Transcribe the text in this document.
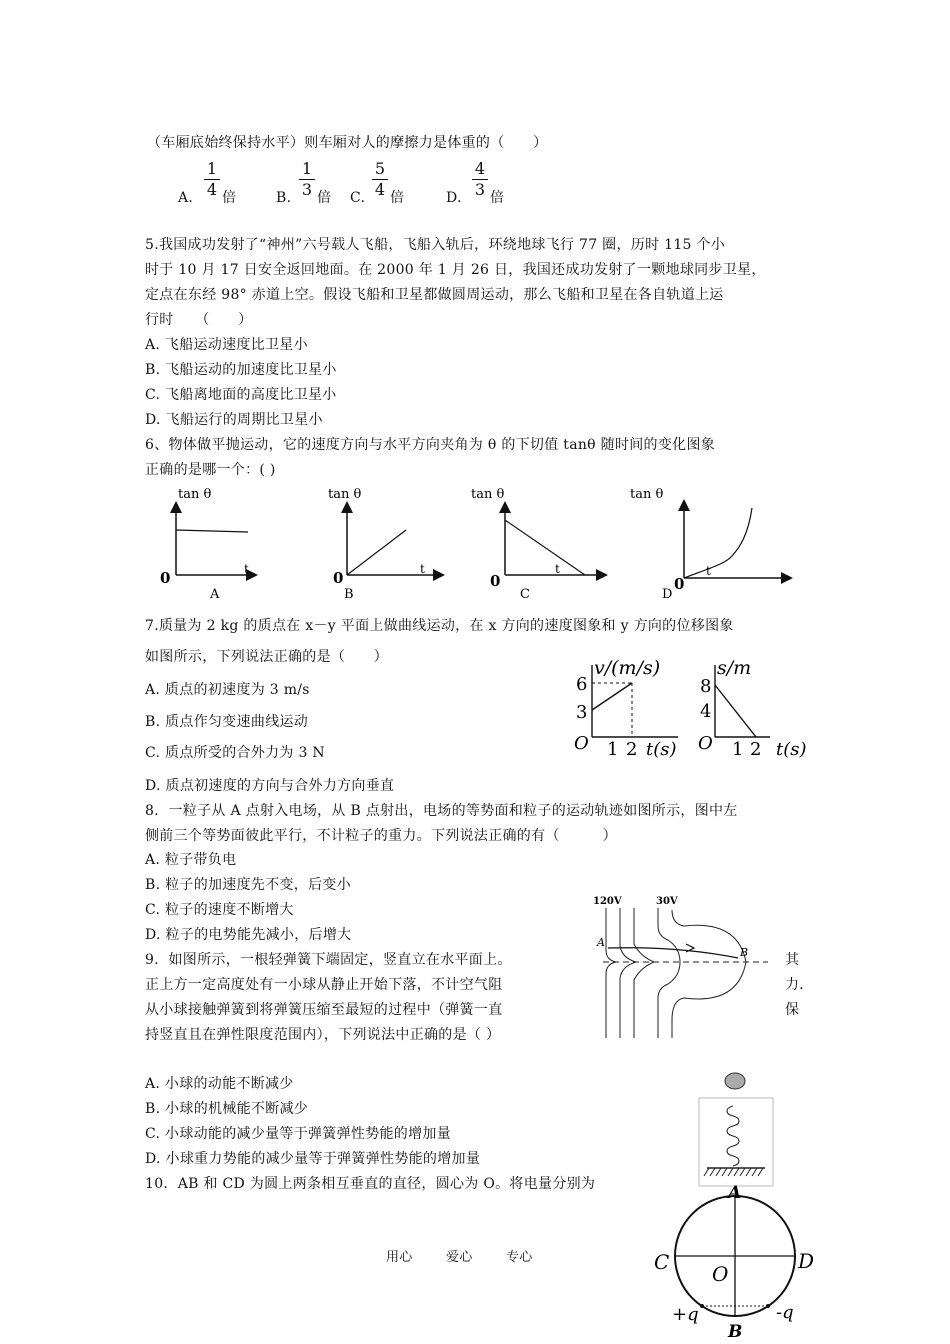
（车厢底始终保持水平）则车厢对人的摩擦力是体重的（　　）
A.
1
4 倍	B.
1
3 倍 C.
5
4 倍	D.
4
3 倍
5.我国成功发射了“神州”六号载人飞船，飞船入轨后，环绕地球飞行 77 圈，历时 115 个小
时于 10 月 17 日安全返回地面。在 2000 年 1 月 26 日，我国还成功发射了一颗地球同步卫星，
定点在东经 98° 赤道上空。假设飞船和卫星都做圆周运动，那么飞船和卫星在各自轨道上运
行时　　（　　）
A. 飞船运动速度比卫星小
B. 飞船运动的加速度比卫星小
C. 飞船离地面的高度比卫星小
D. 飞船运行的周期比卫星小
6、物体做平抛运动，它的速度方向与水平方向夹角为 θ 的下切值 tanθ 随时间的变化图象
正确的是哪一个：( )
tan θ
0	t
A
tan θ
0	t
B
tan θ
0
t
C
tan θ
0
t
D
7.质量为 2 kg 的质点在 x－y 平面上做曲线运动，在 x 方向的速度图象和 y 方向的位移图象
如图所示，下列说法正确的是（　　）
A. 质点的初速度为 3 m/s
B. 质点作匀变速曲线运动
C. 质点所受的合外力为 3 N
D. 质点初速度的方向与合外力方向垂直
v/(m/s)
6
3
O 1 2 t(s)
s/m
8
4
O 1 2 t(s)
8．一粒子从 A 点射入电场，从 B 点射出，电场的等势面和粒子的运动轨迹如图所示，图中左
侧前三个等势面彼此平行，不计粒子的重力。下列说法正确的有（　　　）
A. 粒子带负电
B. 粒子的加速度先不变，后变小
C. 粒子的速度不断增大
D. 粒子的电势能先减小，后增大
120V	30V
A
B
9．如图所示，一根轻弹簧下端固定，竖直立在水平面上。
正上方一定高度处有一小球从静止开始下落，不计空气阻
从小球接触弹簧到将弹簧压缩至最短的过程中（弹簧一直
持竖直且在弹性限度范围内），下列说法中正确的是（ ）
其
力．
保
A. 小球的动能不断减少
B. 小球的机械能不断减少
C. 小球动能的减少量等于弹簧弹性势能的增加量
D. 小球重力势能的减少量等于弹簧弹性势能的增加量
10．AB 和 CD 为圆上两条相互垂直的直径，圆心为 O。将电量分别为	A
B
C	D
O
+q	-q
用心	爱心	专心
